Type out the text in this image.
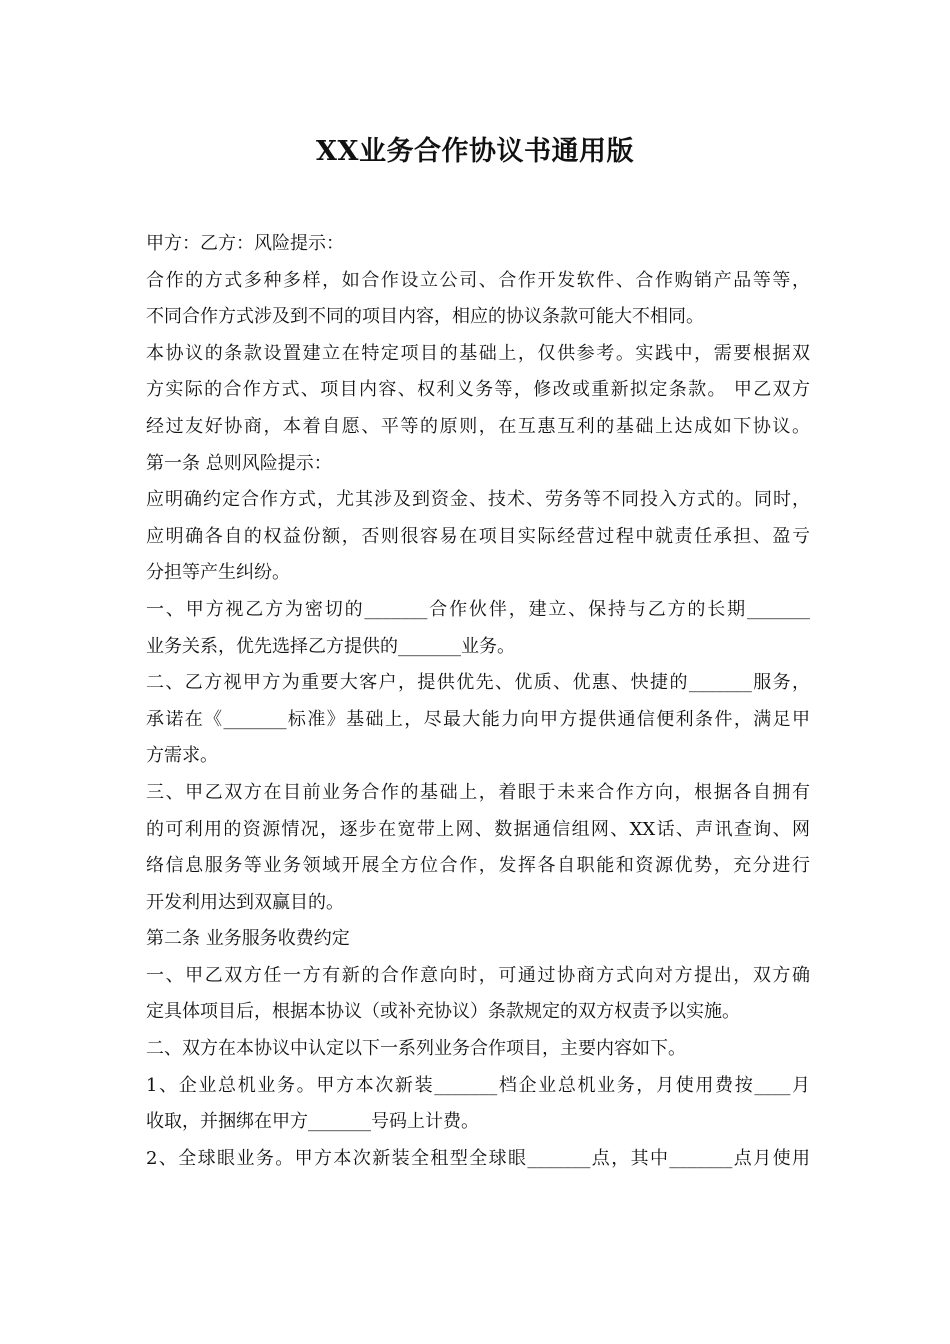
XX业务合作协议书通用版
甲方：乙方：风险提示：
合作的方式多种多样，如合作设立公司、合作开发软件、合作购销产品等等，
不同合作方式涉及到不同的项目内容，相应的协议条款可能大不相同。
本协议的条款设置建立在特定项目的基础上，仅供参考。实践中，需要根据双
方实际的合作方式、项目内容、权利义务等，修改或重新拟定条款。 甲乙双方
经过友好协商，本着自愿、平等的原则，在互惠互利的基础上达成如下协议。
第一条 总则风险提示：
应明确约定合作方式，尤其涉及到资金、技术、劳务等不同投入方式的。同时，
应明确各自的权益份额，否则很容易在项目实际经营过程中就责任承担、盈亏
分担等产生纠纷。
一、甲方视乙方为密切的_______合作伙伴，建立、保持与乙方的长期_______
业务关系，优先选择乙方提供的_______业务。
二、乙方视甲方为重要大客户，提供优先、优质、优惠、快捷的_______服务，
承诺在《_______标准》基础上，尽最大能力向甲方提供通信便利条件，满足甲
方需求。
三、甲乙双方在目前业务合作的基础上，着眼于未来合作方向，根据各自拥有
的可利用的资源情况，逐步在宽带上网、数据通信组网、XX话、声讯查询、网
络信息服务等业务领域开展全方位合作，发挥各自职能和资源优势，充分进行
开发利用达到双赢目的。
第二条 业务服务收费约定
一、甲乙双方任一方有新的合作意向时，可通过协商方式向对方提出，双方确
定具体项目后，根据本协议（或补充协议）条款规定的双方权责予以实施。
二、双方在本协议中认定以下一系列业务合作项目，主要内容如下。
1、企业总机业务。甲方本次新装_______档企业总机业务，月使用费按____月
收取，并捆绑在甲方_______号码上计费。
2、全球眼业务。甲方本次新装全租型全球眼_______点，其中_______点月使用
